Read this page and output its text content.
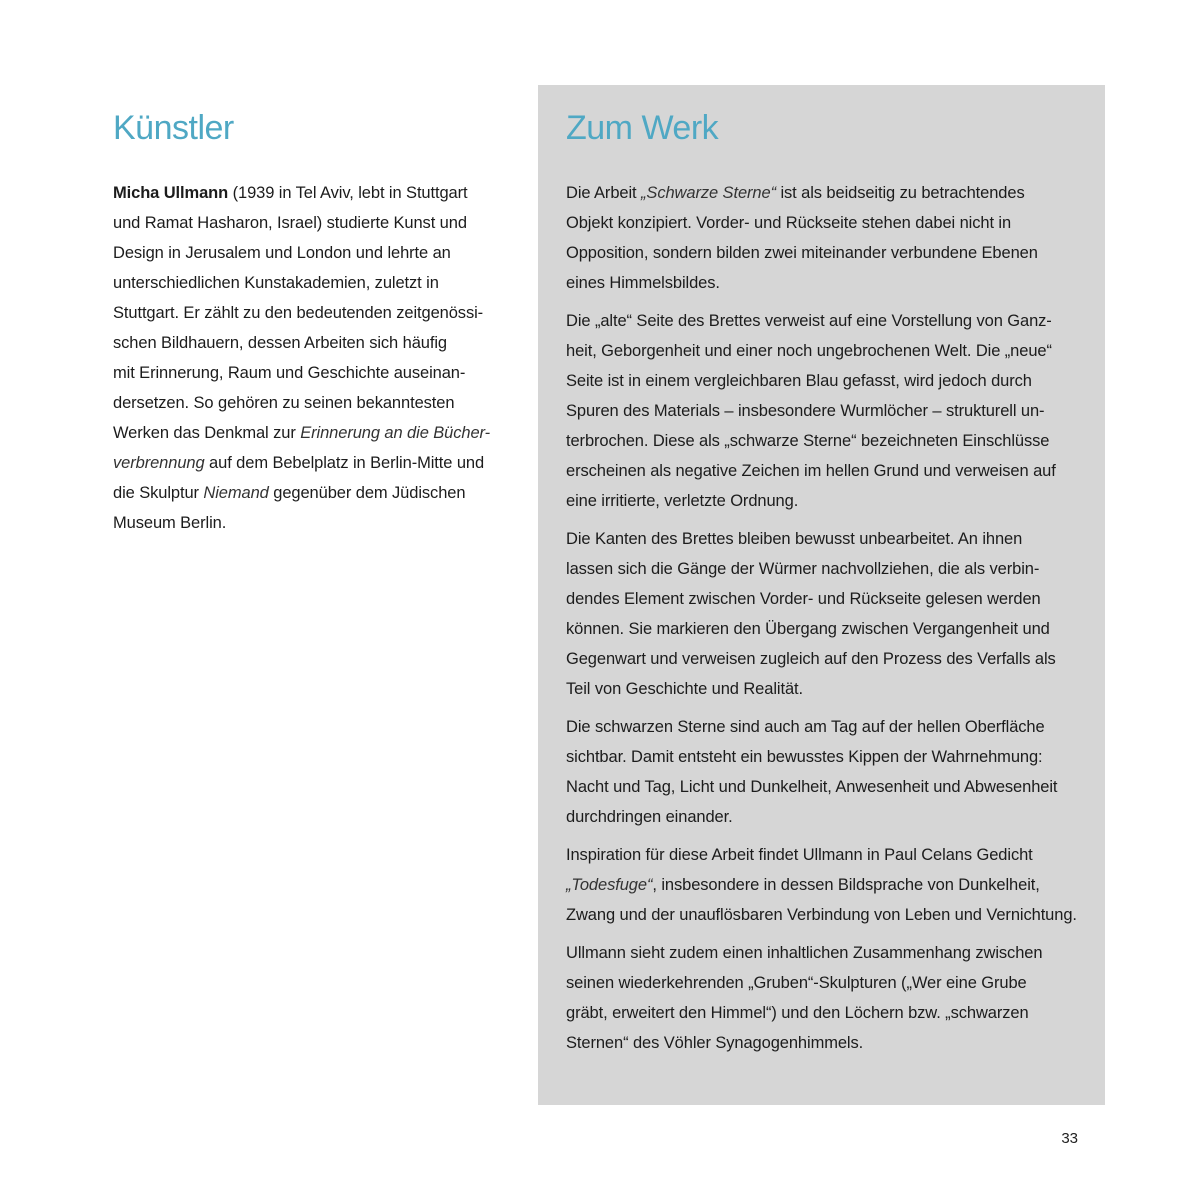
Künstler
Micha Ullmann (1939 in Tel Aviv, lebt in Stuttgart
und Ramat Hasharon, Israel) studierte Kunst und
Design in Jerusalem und London und lehrte an
unterschiedlichen Kunstakademien, zuletzt in
Stuttgart. Er zählt zu den bedeutenden zeitgenössi-
schen Bildhauern, dessen Arbeiten sich häufig
mit Erinnerung, Raum und Geschichte auseinan-
dersetzen. So gehören zu seinen bekanntesten
Werken das Denkmal zur Erinnerung an die Bücher-
verbrennung auf dem Bebelplatz in Berlin-Mitte und
die Skulptur Niemand gegenüber dem Jüdischen
Museum Berlin.
Zum Werk

Die Arbeit „Schwarze Sterne“ ist als beidseitig zu betrachtendes
Objekt konzipiert. Vorder- und Rückseite stehen dabei nicht in
Opposition, sondern bilden zwei miteinander verbundene Ebenen
eines Himmelsbildes.

Die „alte“ Seite des Brettes verweist auf eine Vorstellung von Ganz-
heit, Geborgenheit und einer noch ungebrochenen Welt. Die „neue“
Seite ist in einem vergleichbaren Blau gefasst, wird jedoch durch
Spuren des Materials – insbesondere Wurmlöcher – strukturell un-
terbrochen. Diese als „schwarze Sterne“ bezeichneten Einschlüsse
erscheinen als negative Zeichen im hellen Grund und verweisen auf
eine irritierte, verletzte Ordnung.

Die Kanten des Brettes bleiben bewusst unbearbeitet. An ihnen
lassen sich die Gänge der Würmer nachvollziehen, die als verbin-
dendes Element zwischen Vorder- und Rückseite gelesen werden
können. Sie markieren den Übergang zwischen Vergangenheit und
Gegenwart und verweisen zugleich auf den Prozess des Verfalls als
Teil von Geschichte und Realität.

Die schwarzen Sterne sind auch am Tag auf der hellen Oberfläche
sichtbar. Damit entsteht ein bewusstes Kippen der Wahrnehmung:
Nacht und Tag, Licht und Dunkelheit, Anwesenheit und Abwesenheit
durchdringen einander.

Inspiration für diese Arbeit findet Ullmann in Paul Celans Gedicht
„Todesfuge“, insbesondere in dessen Bildsprache von Dunkelheit,
Zwang und der unauflösbaren Verbindung von Leben und Vernichtung.

Ullmann sieht zudem einen inhaltlichen Zusammenhang zwischen
seinen wiederkehrenden „Gruben“-Skulpturen („Wer eine Grube
gräbt, erweitert den Himmel“) und den Löchern bzw. „schwarzen
Sternen“ des Vöhler Synagogenhimmels.

33
